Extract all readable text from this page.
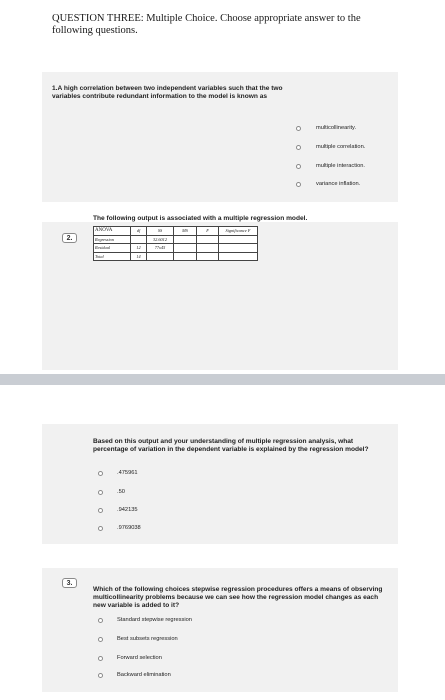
QUESTION THREE: Multiple Choice. Choose appropriate answer to the following questions.
1.A high correlation between two independent variables such that the two variables contribute redundant information to the model is known as
multicollinearity.
multiple correlation.
multiple interaction.
variance inflation.
2.
The following output is associated with a multiple regression model.
ANOVA	df	SS	MS	F	Significance F
Regression		32.6012			
Residual	12	77x45			
Total	14				
Based on this output and your understanding of multiple regression analysis, what percentage of variation in the dependent variable is explained by the regression model?
.475961
.50
.942135
.9769038
3.
Which of the following choices stepwise regression procedures offers a means of observing multicollinearity problems because we can see how the regression model changes as each new variable is added to it?
Standard stepwise regression
Best subsets regression
Forward selection
Backward elimination
